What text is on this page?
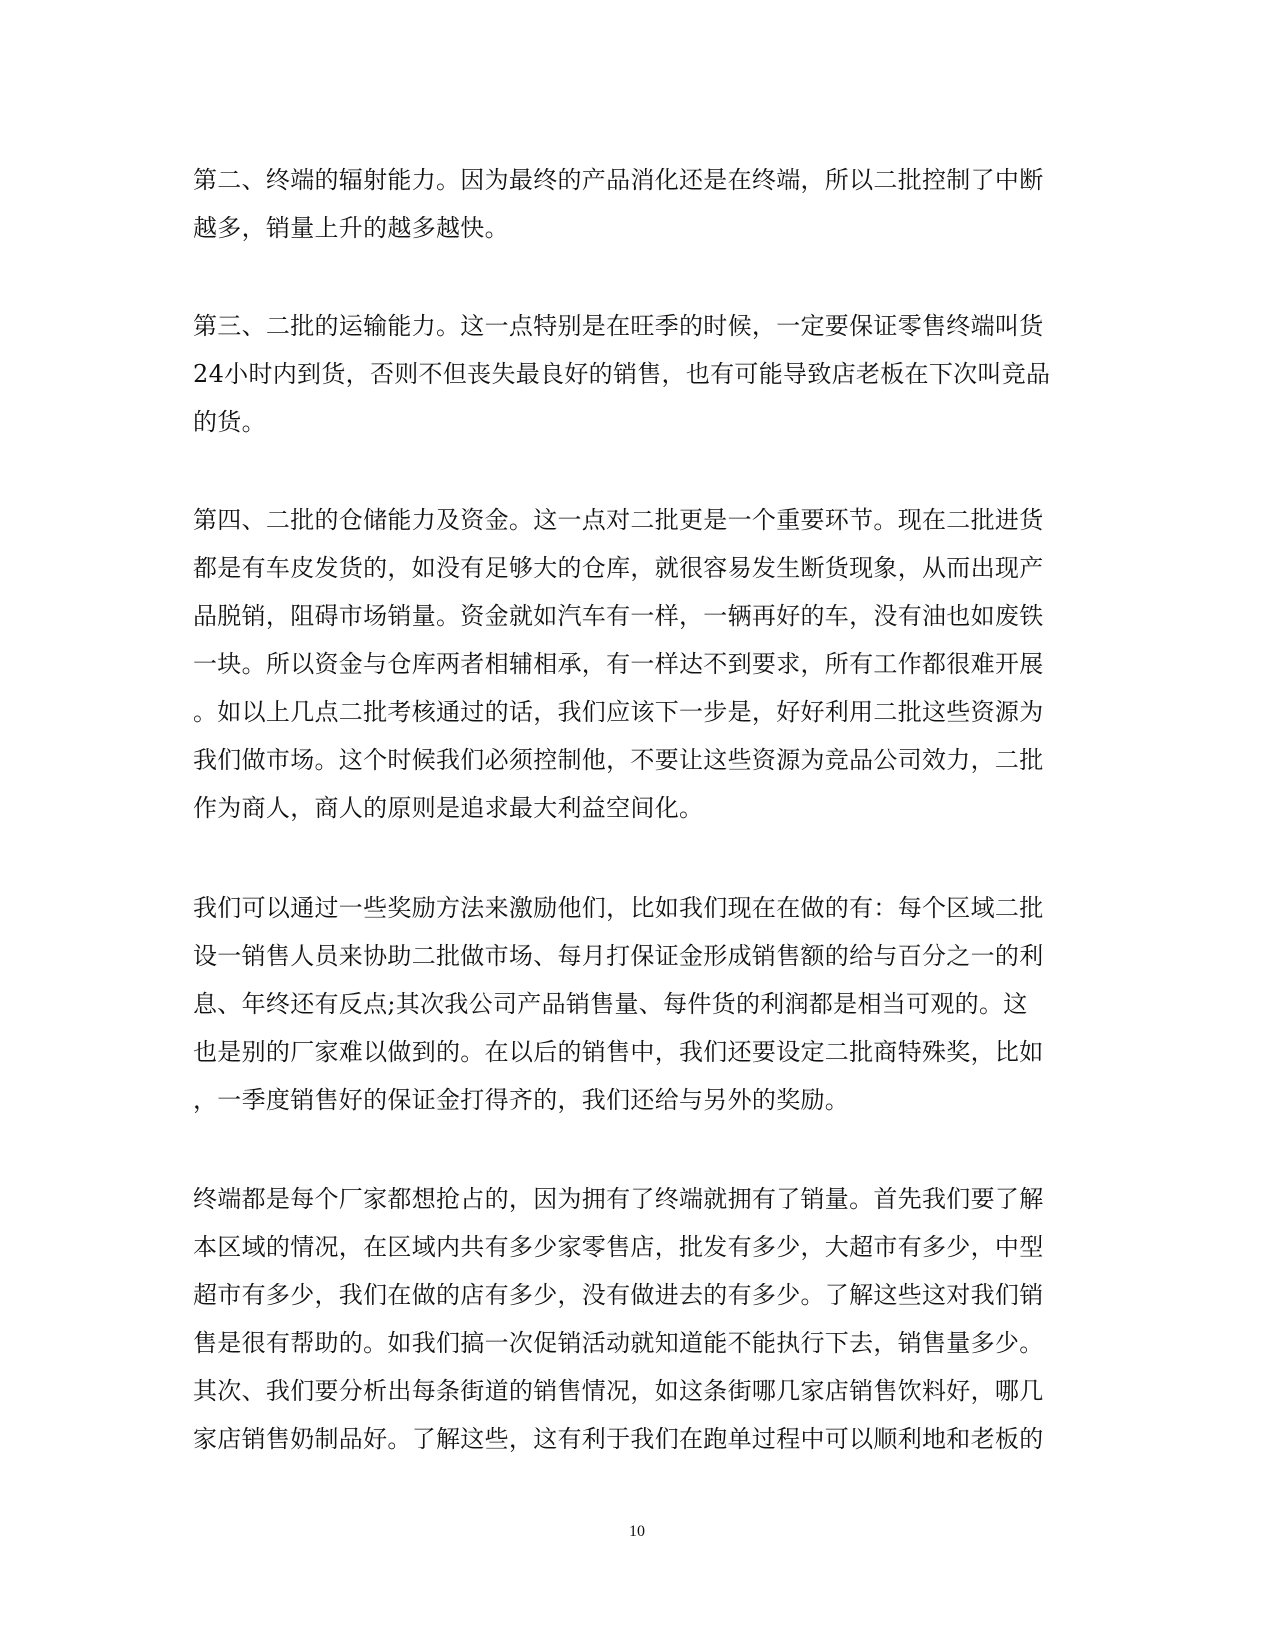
第二、终端的辐射能力。因为最终的产品消化还是在终端，所以二批控制了中断
越多，销量上升的越多越快。
第三、二批的运输能力。这一点特别是在旺季的时候，一定要保证零售终端叫货
24小时内到货，否则不但丧失最良好的销售，也有可能导致店老板在下次叫竞品
的货。
第四、二批的仓储能力及资金。这一点对二批更是一个重要环节。现在二批进货
都是有车皮发货的，如没有足够大的仓库，就很容易发生断货现象，从而出现产
品脱销，阻碍市场销量。资金就如汽车有一样，一辆再好的车，没有油也如废铁
一块。所以资金与仓库两者相辅相承，有一样达不到要求，所有工作都很难开展
。如以上几点二批考核通过的话，我们应该下一步是，好好利用二批这些资源为
我们做市场。这个时候我们必须控制他，不要让这些资源为竞品公司效力，二批
作为商人，商人的原则是追求最大利益空间化。
我们可以通过一些奖励方法来激励他们，比如我们现在在做的有：每个区域二批
设一销售人员来协助二批做市场、每月打保证金形成销售额的给与百分之一的利
息、年终还有反点;其次我公司产品销售量、每件货的利润都是相当可观的。这
也是别的厂家难以做到的。在以后的销售中，我们还要设定二批商特殊奖，比如
，一季度销售好的保证金打得齐的，我们还给与另外的奖励。
终端都是每个厂家都想抢占的，因为拥有了终端就拥有了销量。首先我们要了解
本区域的情况，在区域内共有多少家零售店，批发有多少，大超市有多少，中型
超市有多少，我们在做的店有多少，没有做进去的有多少。了解这些这对我们销
售是很有帮助的。如我们搞一次促销活动就知道能不能执行下去，销售量多少。
其次、我们要分析出每条街道的销售情况，如这条街哪几家店销售饮料好，哪几
家店销售奶制品好。了解这些，这有利于我们在跑单过程中可以顺利地和老板的
10
